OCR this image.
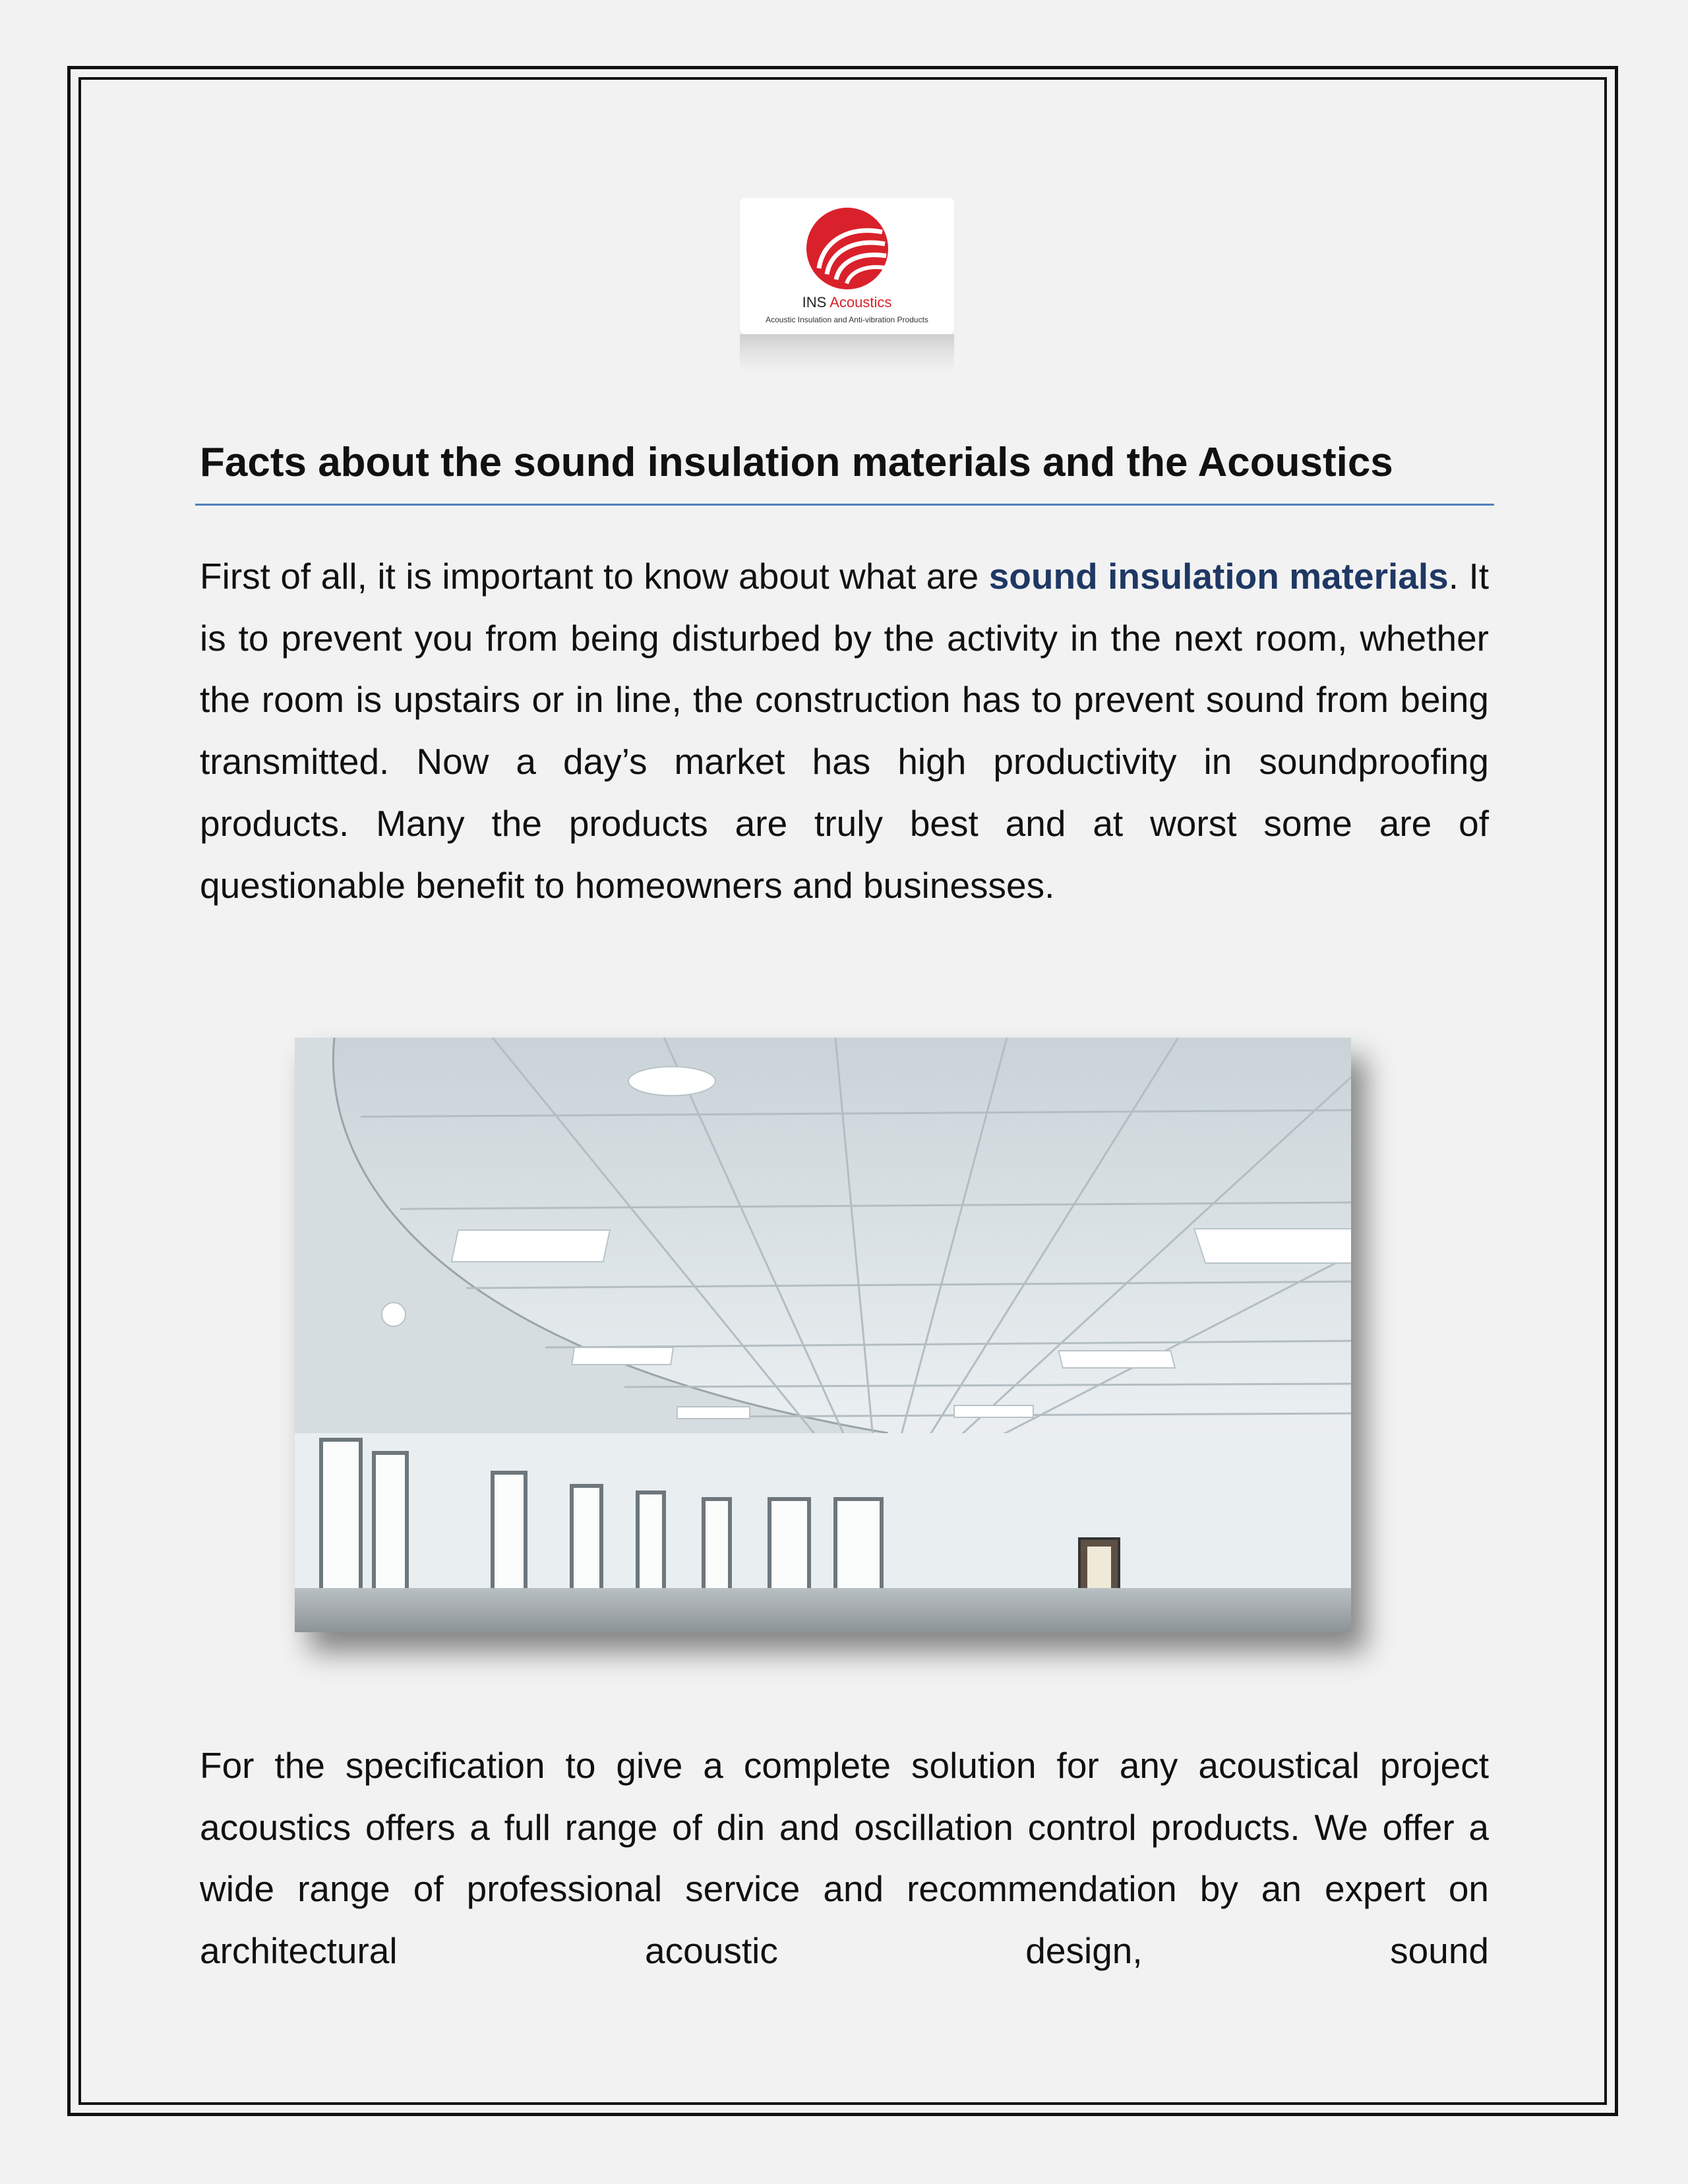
INS Acoustics
Acoustic Insulation and Anti-vibration Products
Facts about the sound insulation materials and the Acoustics

First of all, it is important to know about what are sound insulation materials. It is to prevent you from being disturbed by the activity in the next room, whether the room is upstairs or in line, the construction has to prevent sound from being transmitted. Now a day’s market has high productivity in soundproofing products. Many the products are truly best and at worst some are of questionable benefit to homeowners and businesses.

For the specification to give a complete solution for any acoustical project acoustics offers a full range of din and oscillation control products. We offer a wide range of professional service and recommendation by an expert on architectural acoustic design, sound
